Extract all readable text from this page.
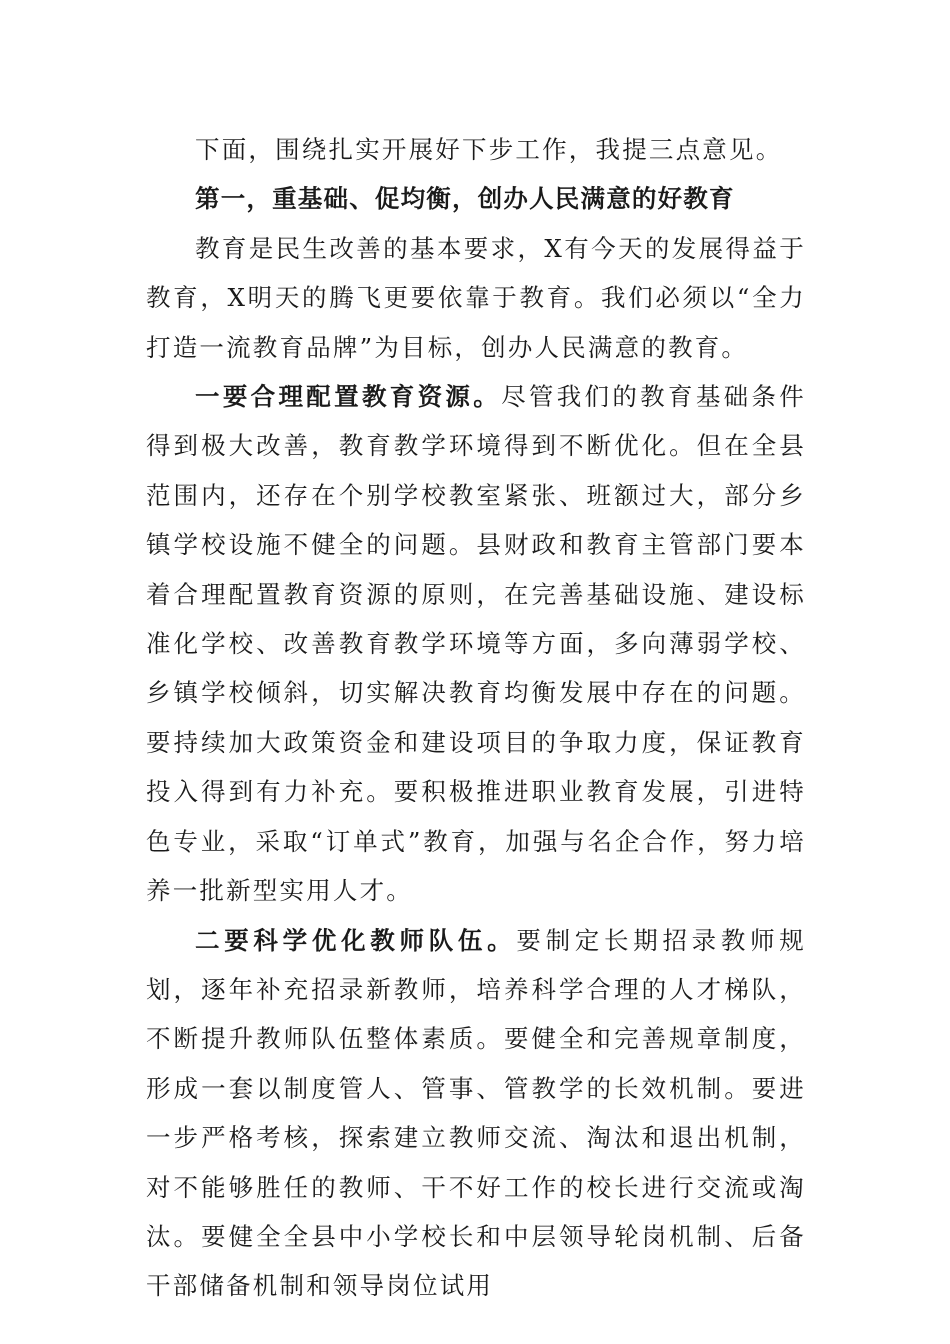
下面，围绕扎实开展好下步工作，我提三点意见。

第一，重基础、促均衡，创办人民满意的好教育

教育是民生改善的基本要求，X有今天的发展得益于教育，X明天的腾飞更要依靠于教育。我们必须以“全力打造一流教育品牌”为目标，创办人民满意的教育。

一要合理配置教育资源。尽管我们的教育基础条件得到极大改善，教育教学环境得到不断优化。但在全县范围内，还存在个别学校教室紧张、班额过大，部分乡镇学校设施不健全的问题。县财政和教育主管部门要本着合理配置教育资源的原则，在完善基础设施、建设标准化学校、改善教育教学环境等方面，多向薄弱学校、乡镇学校倾斜，切实解决教育均衡发展中存在的问题。要持续加大政策资金和建设项目的争取力度，保证教育投入得到有力补充。要积极推进职业教育发展，引进特色专业，采取“订单式”教育，加强与名企合作，努力培养一批新型实用人才。

二要科学优化教师队伍。要制定长期招录教师规划，逐年补充招录新教师，培养科学合理的人才梯队，不断提升教师队伍整体素质。要健全和完善规章制度，形成一套以制度管人、管事、管教学的长效机制。要进一步严格考核，探索建立教师交流、淘汰和退出机制，对不能够胜任的教师、干不好工作的校长进行交流或淘汰。要健全全县中小学校长和中层领导轮岗机制、后备干部储备机制和领导岗位试用
